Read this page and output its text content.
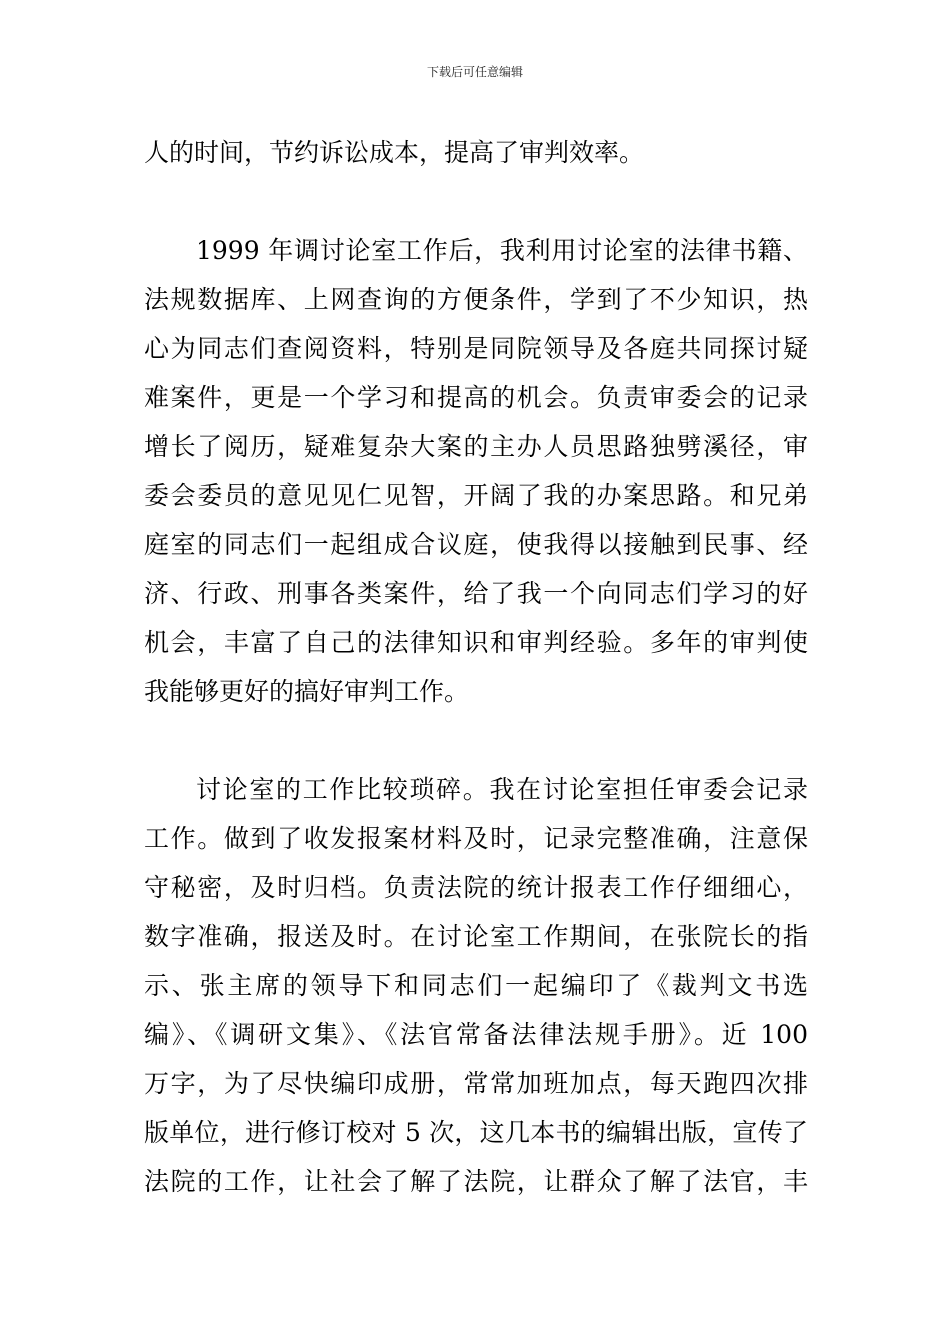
下载后可任意编辑
人的时间，节约诉讼成本，提高了审判效率。
1999 年调讨论室工作后，我利用讨论室的法律书籍、
法规数据库、上网查询的方便条件，学到了不少知识，热
心为同志们查阅资料，特别是同院领导及各庭共同探讨疑
难案件，更是一个学习和提高的机会。负责审委会的记录
增长了阅历，疑难复杂大案的主办人员思路独劈溪径，审
委会委员的意见见仁见智，开阔了我的办案思路。和兄弟
庭室的同志们一起组成合议庭，使我得以接触到民事、经
济、行政、刑事各类案件，给了我一个向同志们学习的好
机会，丰富了自己的法律知识和审判经验。多年的审判使
我能够更好的搞好审判工作。
讨论室的工作比较琐碎。我在讨论室担任审委会记录
工作。做到了收发报案材料及时，记录完整准确，注意保
守秘密，及时归档。负责法院的统计报表工作仔细细心，
数字准确，报送及时。在讨论室工作期间，在张院长的指
示、张主席的领导下和同志们一起编印了《裁判文书选
编》、《调研文集》、《法官常备法律法规手册》。近 100
万字，为了尽快编印成册，常常加班加点，每天跑四次排
版单位，进行修订校对 5 次，这几本书的编辑出版，宣传了
法院的工作，让社会了解了法院，让群众了解了法官，丰
